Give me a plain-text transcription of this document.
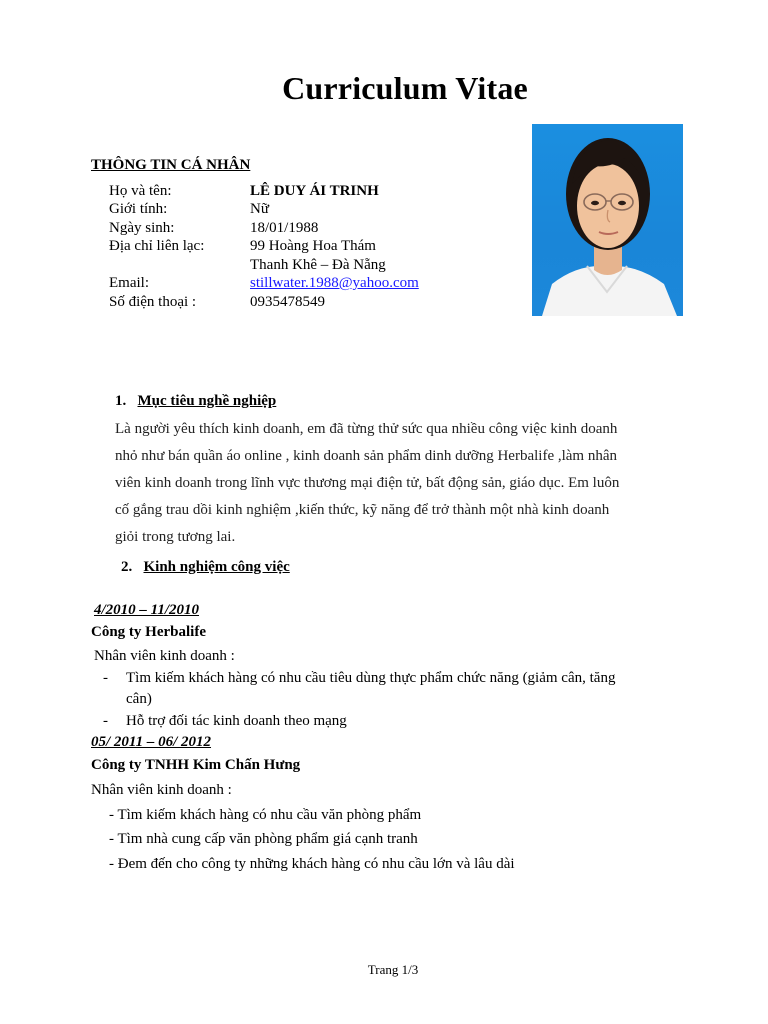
Curriculum Vitae
THÔNG TIN CÁ NHÂN
Họ và tên:	LÊ DUY ÁI TRINH
Giới tính:	Nữ
Ngày sinh:	18/01/1988
Địa chỉ liên lạc:	99 Hoàng Hoa Thám
Thanh Khê – Đà Nẵng
Email:	stillwater.1988@yahoo.com
Số điện thoại :	0935478549
1. Mục tiêu nghề nghiệp
Là người yêu thích kinh doanh, em đã từng thử sức qua nhiều công việc kinh doanh
nhỏ như bán quần áo online , kinh doanh sản phẩm dinh dưỡng Herbalife ,làm nhân
viên kinh doanh trong lĩnh vực thương mại điện tử, bất động sản, giáo dục. Em luôn
cố gắng trau dồi kinh nghiệm ,kiến thức, kỹ năng để trở thành một nhà kinh doanh
giỏi trong tương lai.
2. Kinh nghiệm công việc
4/2010 – 11/2010
Công ty Herbalife
Nhân viên kinh doanh :
- Tìm kiếm khách hàng có nhu cầu tiêu dùng thực phẩm chức năng (giảm cân, tăng
cân)
- Hỗ trợ đối tác kinh doanh theo mạng
05/ 2011 – 06/ 2012
Công ty TNHH Kim Chấn Hưng
Nhân viên kinh doanh :
- Tìm kiếm khách hàng có nhu cầu văn phòng phẩm
- Tìm nhà cung cấp văn phòng phẩm giá cạnh tranh
- Đem đến cho công ty những khách hàng có nhu cầu lớn và lâu dài
Trang 1/3
